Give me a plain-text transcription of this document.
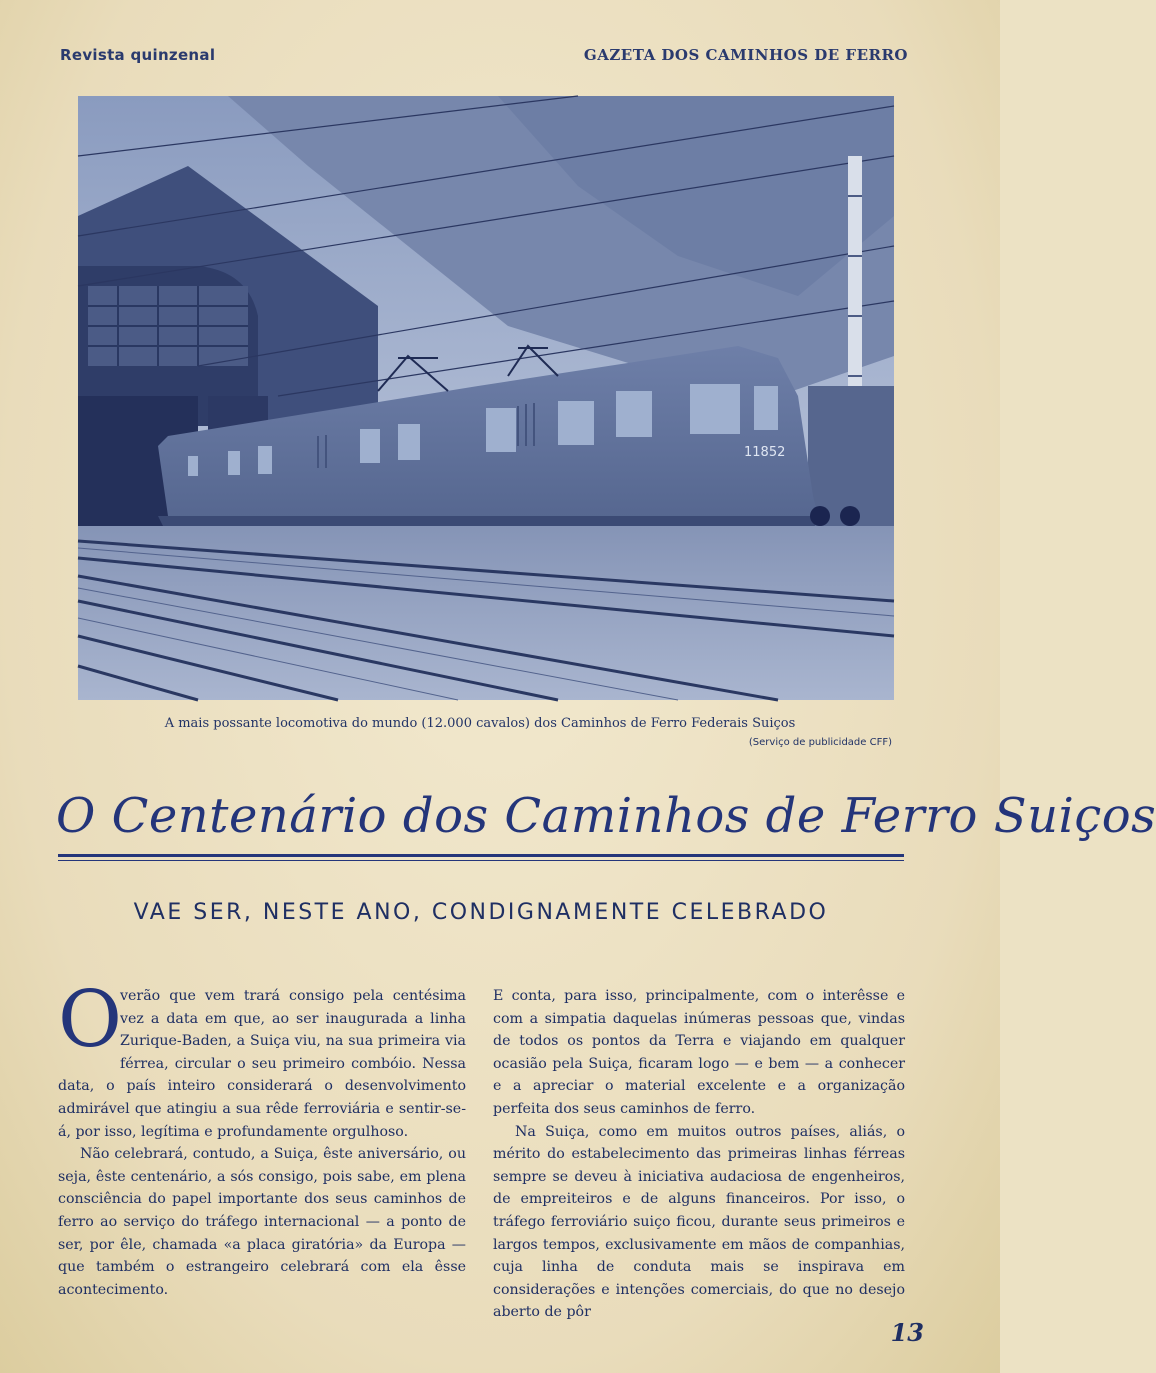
Revista quinzenal	GAZETA DOS CAMINHOS DE FERRO
11852
A mais possante locomotiva do mundo (12.000 cavalos) dos Caminhos de Ferro Federais Suiços
(Serviço de publicidade CFF)
O Centenário dos Caminhos de Ferro Suiços
VAE SER, NESTE ANO, CONDIGNAMENTE CELEBRADO
O

verão que vem trará consigo pela centésima vez a data em que, ao ser inaugurada a linha Zurique-Baden, a Suiça viu, na sua primeira via férrea, circular o seu primeiro combóio. Nessa data, o país inteiro considerará o desenvolvimento admirável que atingiu a sua rêde ferroviária e sentir-se-á, por isso, legítima e profundamente orgulhoso.

Não celebrará, contudo, a Suiça, êste aniversário, ou seja, êste centenário, a sós consigo, pois sabe, em plena consciência do papel importante dos seus caminhos de ferro ao serviço do tráfego internacional — a ponto de ser, por êle, chamada «a placa giratória» da Europa — que também o estrangeiro celebrará com ela êsse acontecimento.

E conta, para isso, principalmente, com o interêsse e com a simpatia daquelas inúmeras pessoas que, vindas de todos os pontos da Terra e viajando em qualquer ocasião pela Suiça, ficaram logo — e bem — a conhecer e a apreciar o material excelente e a organização perfeita dos seus caminhos de ferro.

Na Suiça, como em muitos outros países, aliás, o mérito do estabelecimento das primeiras linhas férreas sempre se deveu à iniciativa audaciosa de engenheiros, de empreiteiros e de alguns financeiros. Por isso, o tráfego ferroviário suiço ficou, durante seus primeiros e largos tempos, exclusivamente em mãos de companhias, cuja linha de conduta mais se inspirava em considerações e intenções comerciais, do que no desejo aberto de pôr

13
